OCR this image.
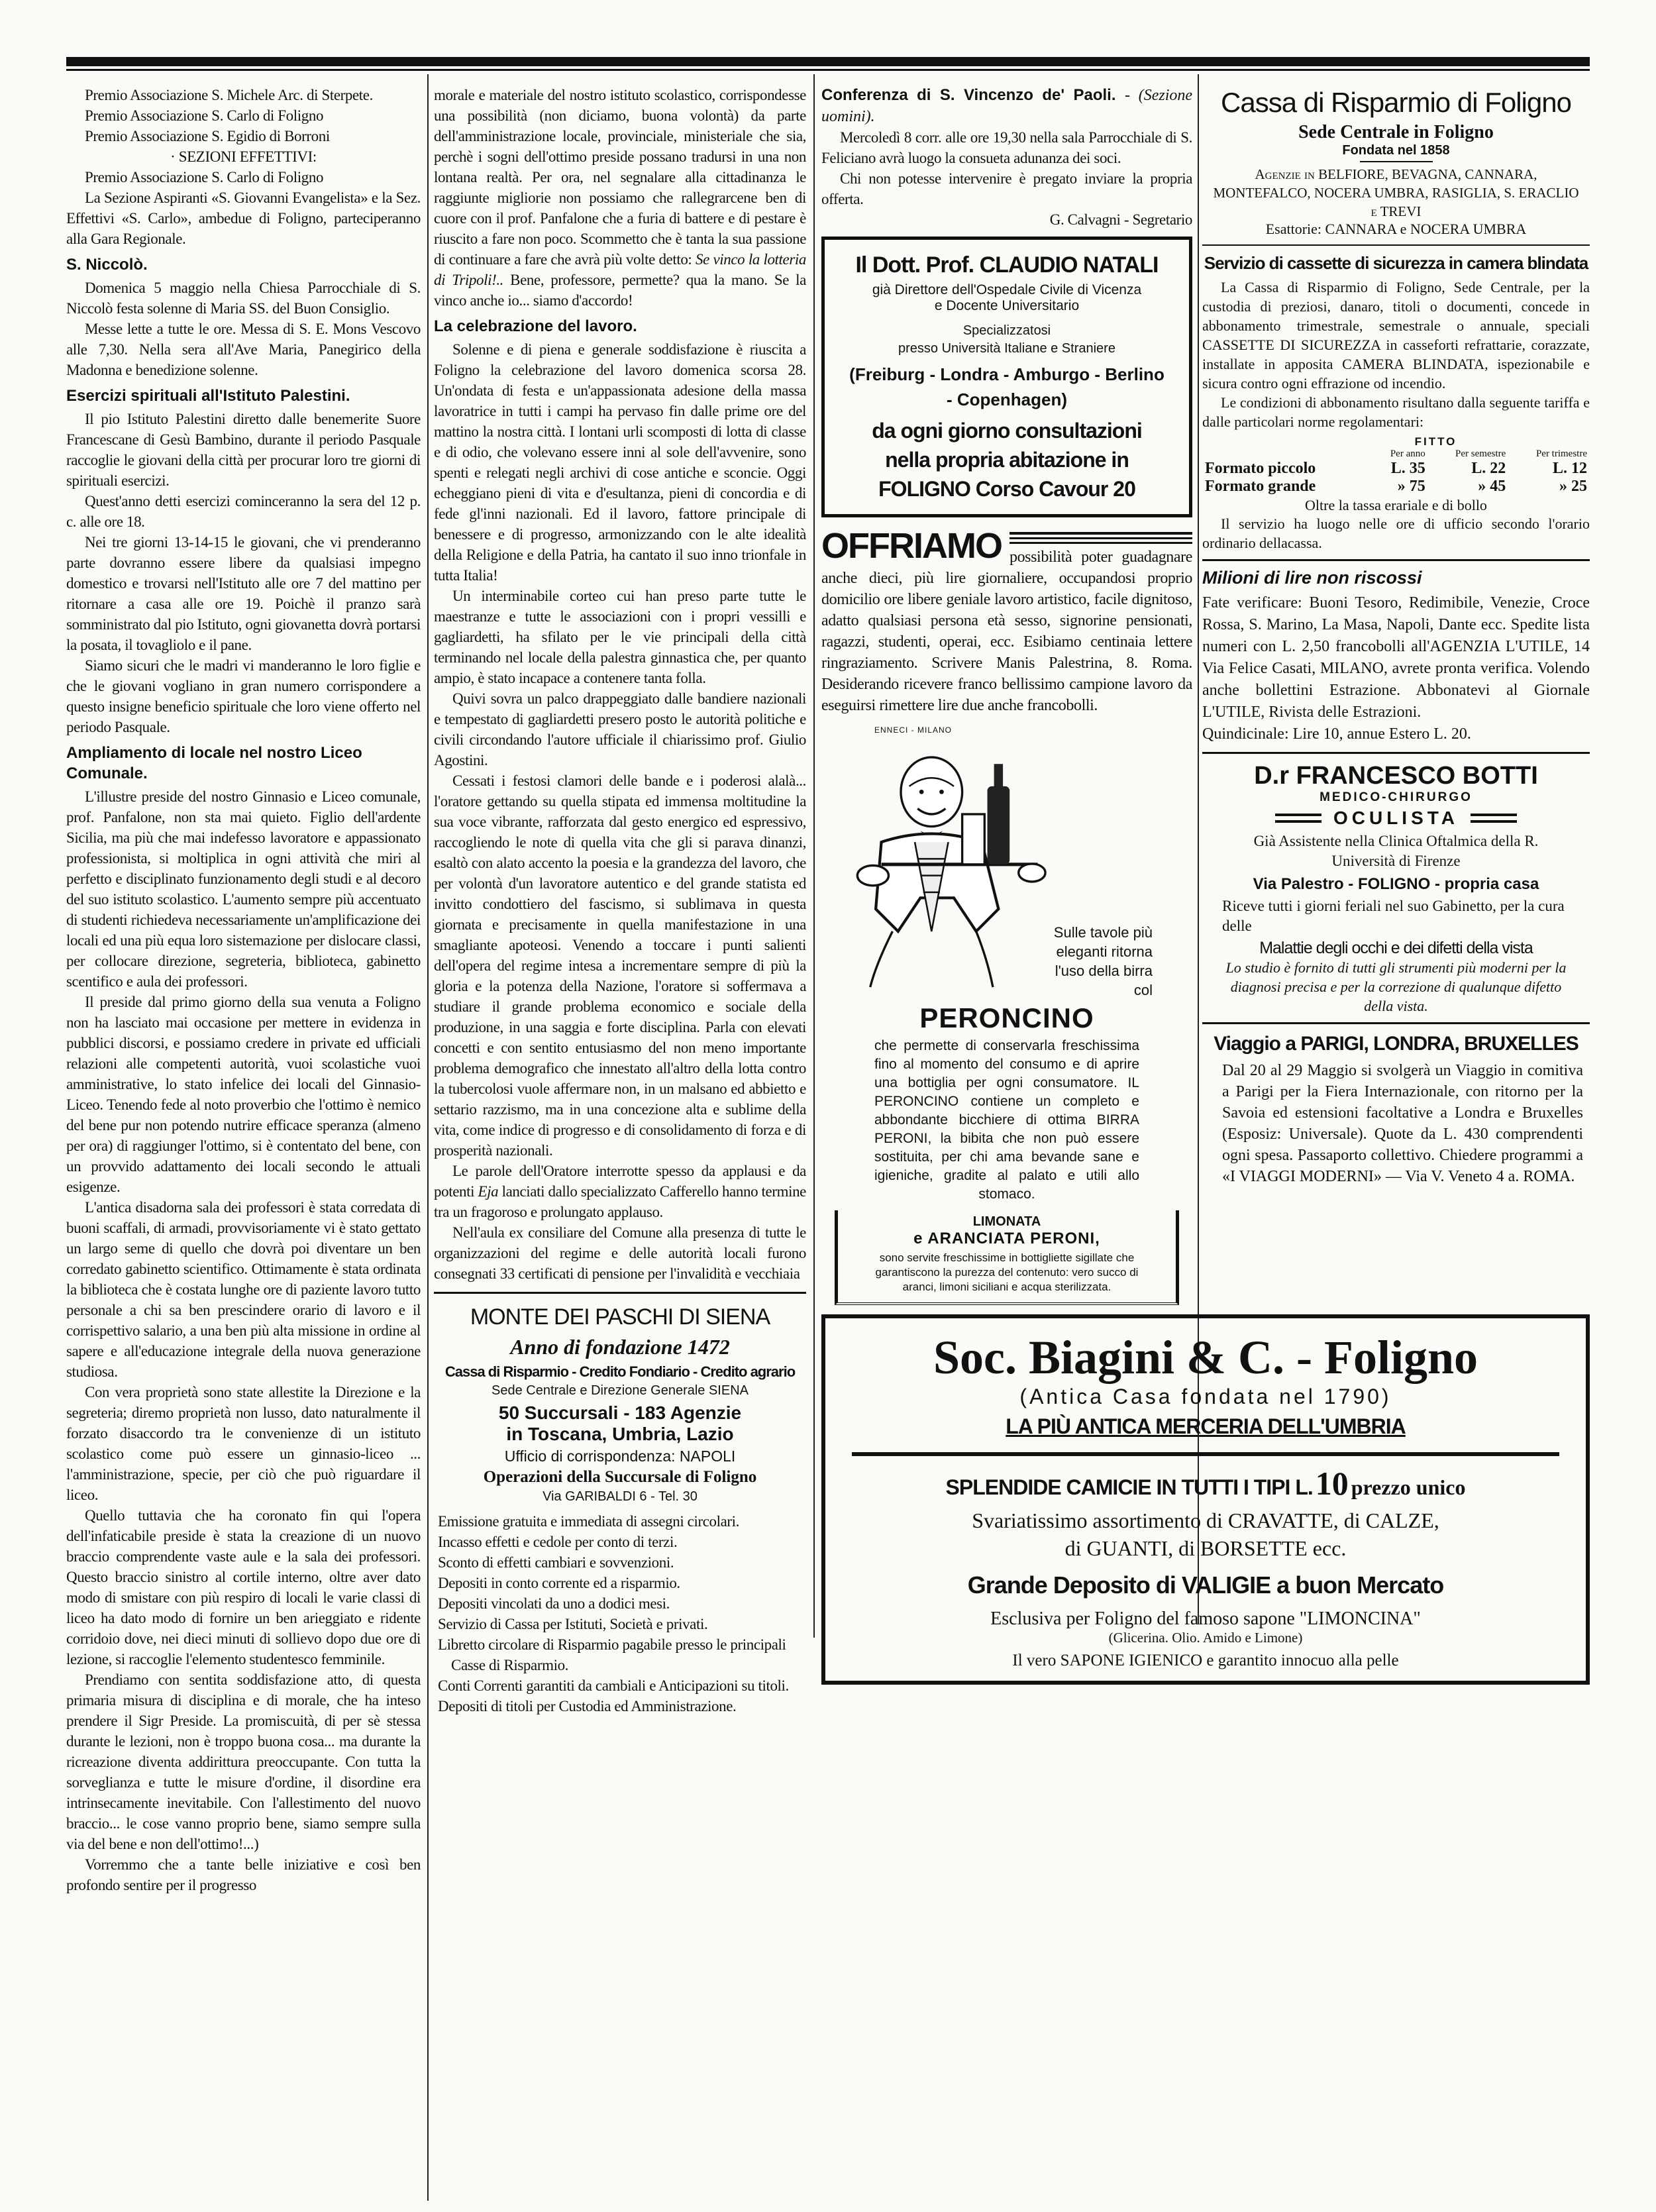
Premio Associazione S. Michele Arc. di Sterpete.

Premio Associazione S. Carlo di Foligno

Premio Associazione S. Egidio di Borroni

· SEZIONI EFFETTIVI:

Premio Associazione S. Carlo di Foligno

La Sezione Aspiranti «S. Giovanni Evangelista» e la Sez. Effettivi «S. Carlo», ambedue di Foligno, parteciperanno alla Gara Regionale.

S. Niccolò.

Domenica 5 maggio nella Chiesa Parrocchiale di S. Niccolò festa solenne di Maria SS. del Buon Consiglio.

Messe lette a tutte le ore. Messa di S. E. Mons Vescovo alle 7,30. Nella sera all'Ave Maria, Panegirico della Madonna e benedizione solenne.

Esercizi spirituali all'Istituto Palestini.

Il pio Istituto Palestini diretto dalle benemerite Suore Francescane di Gesù Bambino, durante il periodo Pasquale raccoglie le giovani della città per procurar loro tre giorni di spirituali esercizi.

Quest'anno detti esercizi cominceranno la sera del 12 p. c. alle ore 18.

Nei tre giorni 13-14-15 le giovani, che vi prenderanno parte dovranno essere libere da qualsiasi impegno domestico e trovarsi nell'Istituto alle ore 7 del mattino per ritornare a casa alle ore 19. Poichè il pranzo sarà somministrato dal pio Istituto, ogni giovanetta dovrà portarsi la posata, il tovagliolo e il pane.

Siamo sicuri che le madri vi manderanno le loro figlie e che le giovani vogliano in gran numero corrispondere a questo insigne beneficio spirituale che loro viene offerto nel periodo Pasquale.

Ampliamento di locale nel nostro Liceo Comunale.

L'illustre preside del nostro Ginnasio e Liceo comunale, prof. Panfalone, non sta mai quieto. Figlio dell'ardente Sicilia, ma più che mai indefesso lavoratore e appassionato professionista, si moltiplica in ogni attività che miri al perfetto e disciplinato funzionamento degli studi e al decoro del suo istituto scolastico. L'aumento sempre più accentuato di studenti richiedeva necessariamente un'amplificazione dei locali ed una più equa loro sistemazione per dislocare classi, per collocare direzione, segreteria, biblioteca, gabinetto scentifico e aula dei professori.

Il preside dal primo giorno della sua venuta a Foligno non ha lasciato mai occasione per mettere in evidenza in pubblici discorsi, e possiamo credere in private ed ufficiali relazioni alle competenti autorità, vuoi scolastiche vuoi amministrative, lo stato infelice dei locali del Ginnasio-Liceo. Tenendo fede al noto proverbio che l'ottimo è nemico del bene pur non potendo nutrire efficace speranza (almeno per ora) di raggiunger l'ottimo, si è contentato del bene, con un provvido adattamento dei locali secondo le attuali esigenze.

L'antica disadorna sala dei professori è stata corredata di buoni scaffali, di armadi, provvisoriamente vi è stato gettato un largo seme di quello che dovrà poi diventare un ben corredato gabinetto scientifico. Ottimamente è stata ordinata la biblioteca che è costata lunghe ore di paziente lavoro tutto personale a chi sa ben prescindere orario di lavoro e il corrispettivo salario, a una ben più alta missione in ordine al sapere e all'educazione integrale della nuova generazione studiosa.

Con vera proprietà sono state allestite la Direzione e la segreteria; diremo proprietà non lusso, dato naturalmente il forzato disaccordo tra le convenienze di un istituto scolastico come può essere un ginnasio-liceo ... l'amministrazione, specie, per ciò che può riguardare il liceo.

Quello tuttavia che ha coronato fin qui l'opera dell'infaticabile preside è stata la creazione di un nuovo braccio comprendente vaste aule e la sala dei professori. Questo braccio sinistro al cortile interno, oltre aver dato modo di smistare con più respiro di locali le varie classi di liceo ha dato modo di fornire un ben arieggiato e ridente corridoio dove, nei dieci minuti di sollievo dopo due ore di lezione, si raccoglie l'elemento studentesco femminile.

Prendiamo con sentita soddisfazione atto, di questa primaria misura di disciplina e di morale, che ha inteso prendere il Sigr Preside. La promiscuità, di per sè stessa durante le lezioni, non è troppo buona cosa... ma durante la ricreazione diventa addirittura preoccupante. Con tutta la sorveglianza e tutte le misure d'ordine, il disordine era intrinsecamente inevitabile. Con l'allestimento del nuovo braccio... le cose vanno proprio bene, siamo sempre sulla via del bene e non dell'ottimo!...)

Vorremmo che a tante belle iniziative e così ben profondo sentire per il progresso

morale e materiale del nostro istituto scolastico, corrispondesse una possibilità (non diciamo, buona volontà) da parte dell'amministrazione locale, provinciale, ministeriale che sia, perchè i sogni dell'ottimo preside possano tradursi in una non lontana realtà. Per ora, nel segnalare alla cittadinanza le raggiunte migliorie non possiamo che rallegrarcene ben di cuore con il prof. Panfalone che a furia di battere e di pestare è riuscito a fare non poco. Scommetto che è tanta la sua passione di continuare a fare che avrà più volte detto: Se vinco la lotteria di Tripoli!.. Bene, professore, permette? qua la mano. Se la vinco anche io... siamo d'accordo!

La celebrazione del lavoro.

Solenne e di piena e generale soddisfazione è riuscita a Foligno la celebrazione del lavoro domenica scorsa 28. Un'ondata di festa e un'appassionata adesione della massa lavoratrice in tutti i campi ha pervaso fin dalle prime ore del mattino la nostra città. I lontani urli scomposti di lotta di classe e di odio, che volevano essere inni al sole dell'avvenire, sono spenti e relegati negli archivi di cose antiche e sconcie. Oggi echeggiano pieni di vita e d'esultanza, pieni di concordia e di fede gl'inni nazionali. Ed il lavoro, fattore principale di benessere e di progresso, armonizzando con le alte idealità della Religione e della Patria, ha cantato il suo inno trionfale in tutta Italia!

Un interminabile corteo cui han preso parte tutte le maestranze e tutte le associazioni con i propri vessilli e gagliardetti, ha sfilato per le vie principali della città terminando nel locale della palestra ginnastica che, per quanto ampio, è stato incapace a contenere tanta folla.

Quivi sovra un palco drappeggiato dalle bandiere nazionali e tempestato di gagliardetti presero posto le autorità politiche e civili circondando l'autore ufficiale il chiarissimo prof. Giulio Agostini.

Cessati i festosi clamori delle bande e i poderosi alalà... l'oratore gettando su quella stipata ed immensa moltitudine la sua voce vibrante, rafforzata dal gesto energico ed espressivo, raccogliendo le note di quella vita che gli si parava dinanzi, esaltò con alato accento la poesia e la grandezza del lavoro, che per volontà d'un lavoratore autentico e del grande statista ed invitto condottiero del fascismo, si sublimava in questa giornata e precisamente in quella manifestazione in una smagliante apoteosi. Venendo a toccare i punti salienti dell'opera del regime intesa a incrementare sempre di più la gloria e la potenza della Nazione, l'oratore si soffermava a studiare il grande problema economico e sociale della produzione, in una saggia e forte disciplina. Parla con elevati concetti e con sentito entusiasmo del non meno importante problema demografico che innestato all'altro della lotta contro la tubercolosi vuole affermare non, in un malsano ed abbietto e settario razzismo, ma in una concezione alta e sublime della vita, come indice di progresso e di consolidamento di forza e di prosperità nazionali.

Le parole dell'Oratore interrotte spesso da applausi e da potenti Eja lanciati dallo specializzato Cafferello hanno termine tra un fragoroso e prolungato applauso.

Nell'aula ex consiliare del Comune alla presenza di tutte le organizzazioni del regime e delle autorità locali furono consegnati 33 certificati di pensione per l'invalidità e vecchiaia

MONTE DEI PASCHI DI SIENA
Anno di fondazione 1472
Cassa di Risparmio - Credito Fondiario - Credito agrario
Sede Centrale e Direzione Generale SIENA
50 Succursali - 183 Agenzie
in Toscana, Umbria, Lazio
Ufficio di corrispondenza: NAPOLI
Operazioni della Succursale di Foligno
Via GARIBALDI 6 - Tel. 30

Emissione gratuita e immediata di assegni circolari.

Incasso effetti e cedole per conto di terzi.

Sconto di effetti cambiari e sovvenzioni.

Depositi in conto corrente ed a risparmio.

Depositi vincolati da uno a dodici mesi.

Servizio di Cassa per Istituti, Società e privati.

Libretto circolare di Risparmio pagabile presso le principali Casse di Risparmio.

Conti Correnti garantiti da cambiali e Anticipazioni su titoli.

Depositi di titoli per Custodia ed Amministrazione.

Conferenza di S. Vincenzo de' Paoli. - (Sezione uomini).

Mercoledì 8 corr. alle ore 19,30 nella sala Parrocchiale di S. Feliciano avrà luogo la consueta adunanza dei soci.

Chi non potesse intervenire è pregato inviare la propria offerta.

G. Calvagni - Segretario

Il Dott. Prof. CLAUDIO NATALI
già Direttore dell'Ospedale Civile di Vicenza
e Docente Universitario
Specializzatosi
presso Università Italiane e Straniere
(Freiburg - Londra - Amburgo - Berlino - Copenhagen)
da ogni giorno consultazioni
nella propria abitazione in
FOLIGNO Corso Cavour 20
OFFRIAMO possibilità poter guadagnare anche dieci, più lire giornaliere, occupandosi proprio domicilio ore libere geniale lavoro artistico, facile dignitoso, adatto qualsiasi persona età sesso, signorine pensionati, ragazzi, studenti, operai, ecc. Esibiamo centinaia lettere ringraziamento. Scrivere Manis Palestrina, 8. Roma. Desiderando ricevere franco bellissimo campione lavoro da eseguirsi rimettere lire due anche francobolli.

ENNECI - MILANO
Sulle tavole più eleganti ritorna l'uso della birra col
PERONCINO
che permette di conservarla freschissima fino al momento del consumo e di aprire una bottiglia per ogni consumatore. IL PERONCINO contiene un completo e abbondante bicchiere di ottima BIRRA PERONI, la bibita che non può essere sostituita, per chi ama bevande sane e igieniche, gradite al palato e utili allo stomaco.
LIMONATA
e ARANCIATA PERONI,
sono servite freschissime in bottigliette sigillate che garantiscono la purezza del contenuto: vero succo di aranci, limoni siciliani e acqua sterilizzata.
Cassa di Risparmio di Foligno
Sede Centrale in Foligno
Fondata nel 1858
Agenzie in BELFIORE, BEVAGNA, CANNARA, MONTEFALCO, NOCERA UMBRA, RASIGLIA, S. ERACLIO e TREVI
Esattorie: CANNARA e NOCERA UMBRA
Servizio di cassette di sicurezza in camera blindata
La Cassa di Risparmio di Foligno, Sede Centrale, per la custodia di preziosi, danaro, titoli o documenti, concede in abbonamento trimestrale, semestrale o annuale, speciali CASSETTE DI SICUREZZA in casseforti refrattarie, corazzate, installate in apposita CAMERA BLINDATA, ispezionabile e sicura contro ogni effrazione od incendio.
Le condizioni di abbonamento risultano dalla seguente tariffa e dalle particolari norme regolamentari:
FITTO
	Per anno	Per semestre	Per trimestre
Formato piccolo	L. 35	L. 22	L. 12
Formato grande	» 75	» 45	» 25
Oltre la tassa erariale e di bollo
Il servizio ha luogo nelle ore di ufficio secondo l'orario ordinario dellacassa.
Milioni di lire non riscossi
Fate verificare: Buoni Tesoro, Redimibile, Venezie, Croce Rossa, S. Marino, La Masa, Napoli, Dante ecc. Spedite lista numeri con L. 2,50 francobolli all'AGENZIA L'UTILE, 14 Via Felice Casati, MILANO, avrete pronta verifica. Volendo anche bollettini Estrazione. Abbonatevi al Giornale L'UTILE, Rivista delle Estrazioni.
Quindicinale: Lire 10, annue Estero L. 20.
D.r FRANCESCO BOTTI
MEDICO-CHIRURGO
OCULISTA
Già Assistente nella Clinica Oftalmica della R. Università di Firenze
Via Palestro - FOLIGNO - propria casa
Riceve tutti i giorni feriali nel suo Gabinetto, per la cura delle
Malattie degli occhi e dei difetti della vista
Lo studio è fornito di tutti gli strumenti più moderni per la diagnosi precisa e per la correzione di qualunque difetto della vista.
Viaggio a PARIGI, LONDRA, BRUXELLES
Dal 20 al 29 Maggio si svolgerà un Viaggio in comitiva a Parigi per la Fiera Internazionale, con ritorno per la Savoia ed estensioni facoltative a Londra e Bruxelles (Esposiz: Universale). Quote da L. 430 comprendenti ogni spesa. Passaporto collettivo. Chiedere programmi a «I VIAGGI MODERNI» — Via V. Veneto 4 a. ROMA.
Soc. Biagini & C. - Foligno
(Antica Casa fondata nel 1790)
LA PIÙ ANTICA MERCERIA DELL'UMBRIA
SPLENDIDE CAMICIE IN TUTTI I TIPI L. 10 prezzo unico
Svariatissimo assortimento di CRAVATTE, di CALZE,
di GUANTI, di BORSETTE ecc.
Grande Deposito di VALIGIE a buon Mercato
Esclusiva per Foligno del famoso sapone "LIMONCINA"
(Glicerina. Olio. Amido e Limone)
Il vero SAPONE IGIENICO e garantito innocuo alla pelle
